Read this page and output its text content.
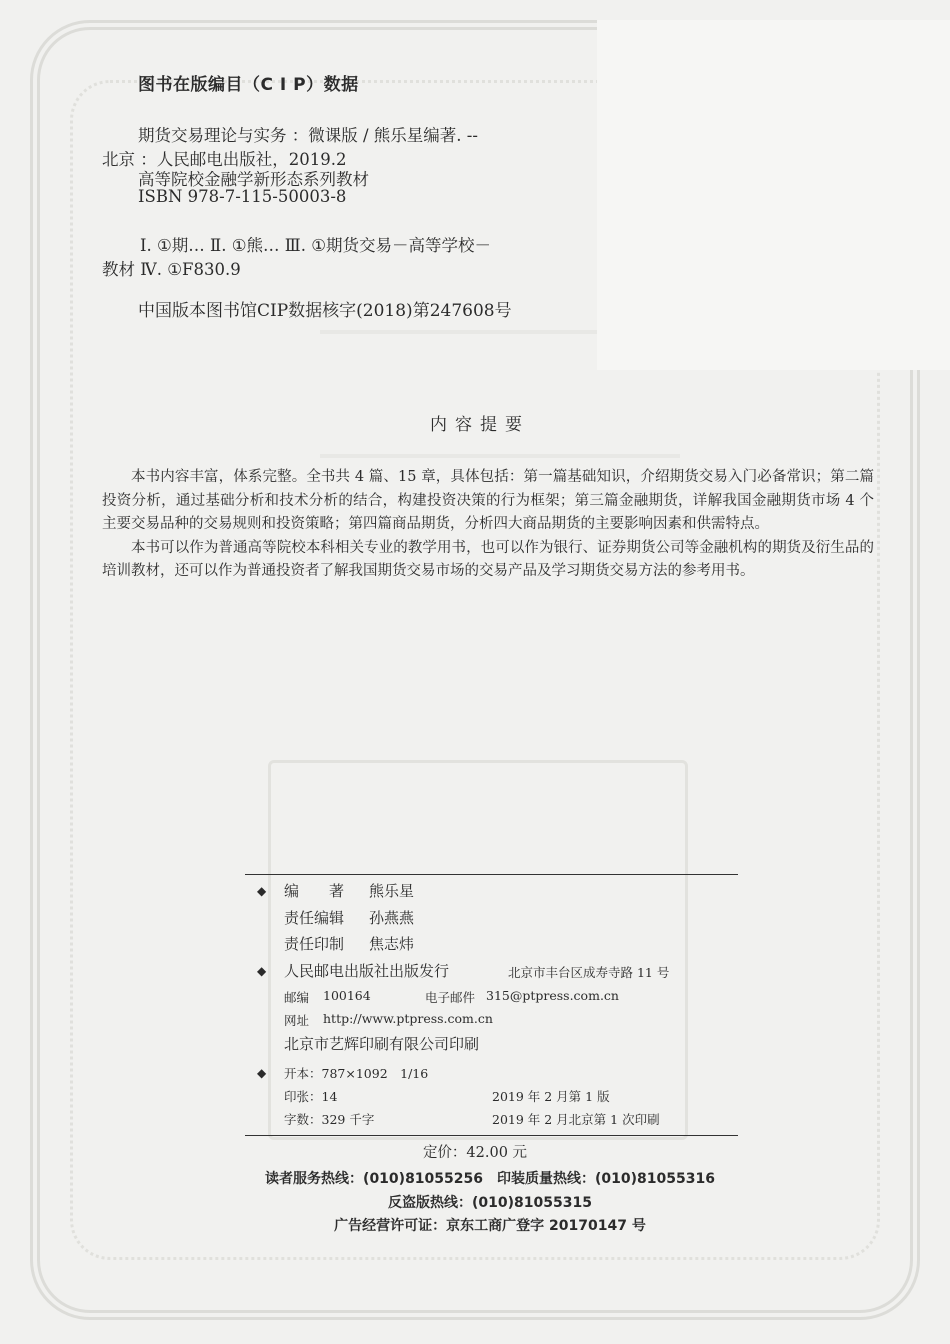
图书在版编目（C I P）数据
期货交易理论与实务 ：微课版 / 熊乐星编著. --
北京 ：人民邮电出版社，2019.2
高等院校金融学新形态系列教材
ISBN 978-7-115-50003-8
Ⅰ. ①期… Ⅱ. ①熊… Ⅲ. ①期货交易－高等学校－
教材 Ⅳ. ①F830.9
中国版本图书馆CIP数据核字(2018)第247608号
内容提要

本书内容丰富，体系完整。全书共 4 篇、15 章，具体包括：第一篇基础知识，介绍期货交易入门必备常识；第二篇投资分析，通过基础分析和技术分析的结合，构建投资决策的行为框架；第三篇金融期货，详解我国金融期货市场 4 个主要交易品种的交易规则和投资策略；第四篇商品期货，分析四大商品期货的主要影响因素和供需特点。

本书可以作为普通高等院校本科相关专业的教学用书，也可以作为银行、证券期货公司等金融机构的期货及衍生品的培训教材，还可以作为普通投资者了解我国期货交易市场的交易产品及学习期货交易方法的参考用书。

◆ 编　　著 熊乐星
责任编辑 孙燕燕
责任印制 焦志炜
◆ 人民邮电出版社出版发行	北京市丰台区成寿寺路 11 号
邮编 100164	电子邮件 315@ptpress.com.cn
网址 http://www.ptpress.com.cn
北京市艺辉印刷有限公司印刷
◆ 开本：787×1092　1/16
印张：14	2019 年 2 月第 1 版
字数：329 千字	2019 年 2 月北京第 1 次印刷
定价：42.00 元
读者服务热线：(010)81055256　印装质量热线：(010)81055316
反盗版热线：(010)81055315
广告经营许可证：京东工商广登字 20170147 号
